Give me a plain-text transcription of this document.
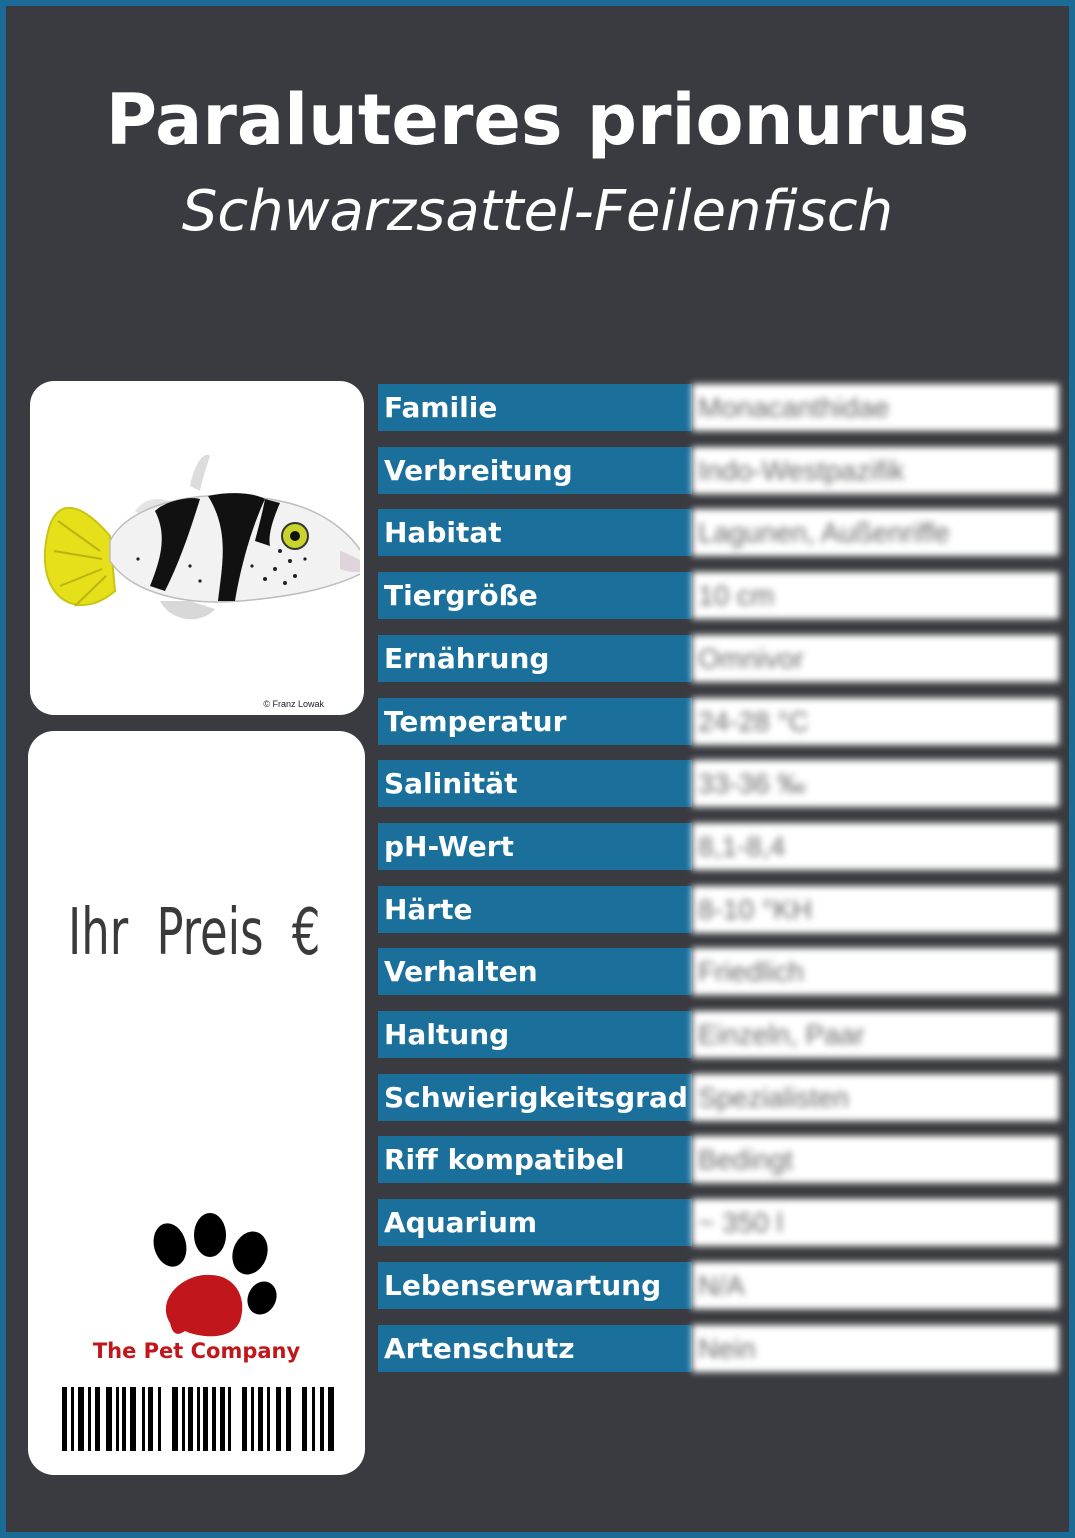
Paraluteres prionurus
Schwarzsattel-Feilenfisch
© Franz Lowak
Ihr Preis €
The Pet Company
Familie	Monacanthidae
Verbreitung	Indo-Westpazifik
Habitat	Lagunen, Außenriffe
Tiergröße	10 cm
Ernährung	Omnivor
Temperatur	24-28 °C
Salinität	33-36 ‰
pH-Wert	8,1-8,4
Härte	8-10 °KH
Verhalten	Friedlich
Haltung	Einzeln, Paar
Schwierigkeitsgrad Spezialisten
Riff kompatibel	Bedingt
Aquarium	~ 350 l
Lebenserwartung	N/A
Artenschutz	Nein
